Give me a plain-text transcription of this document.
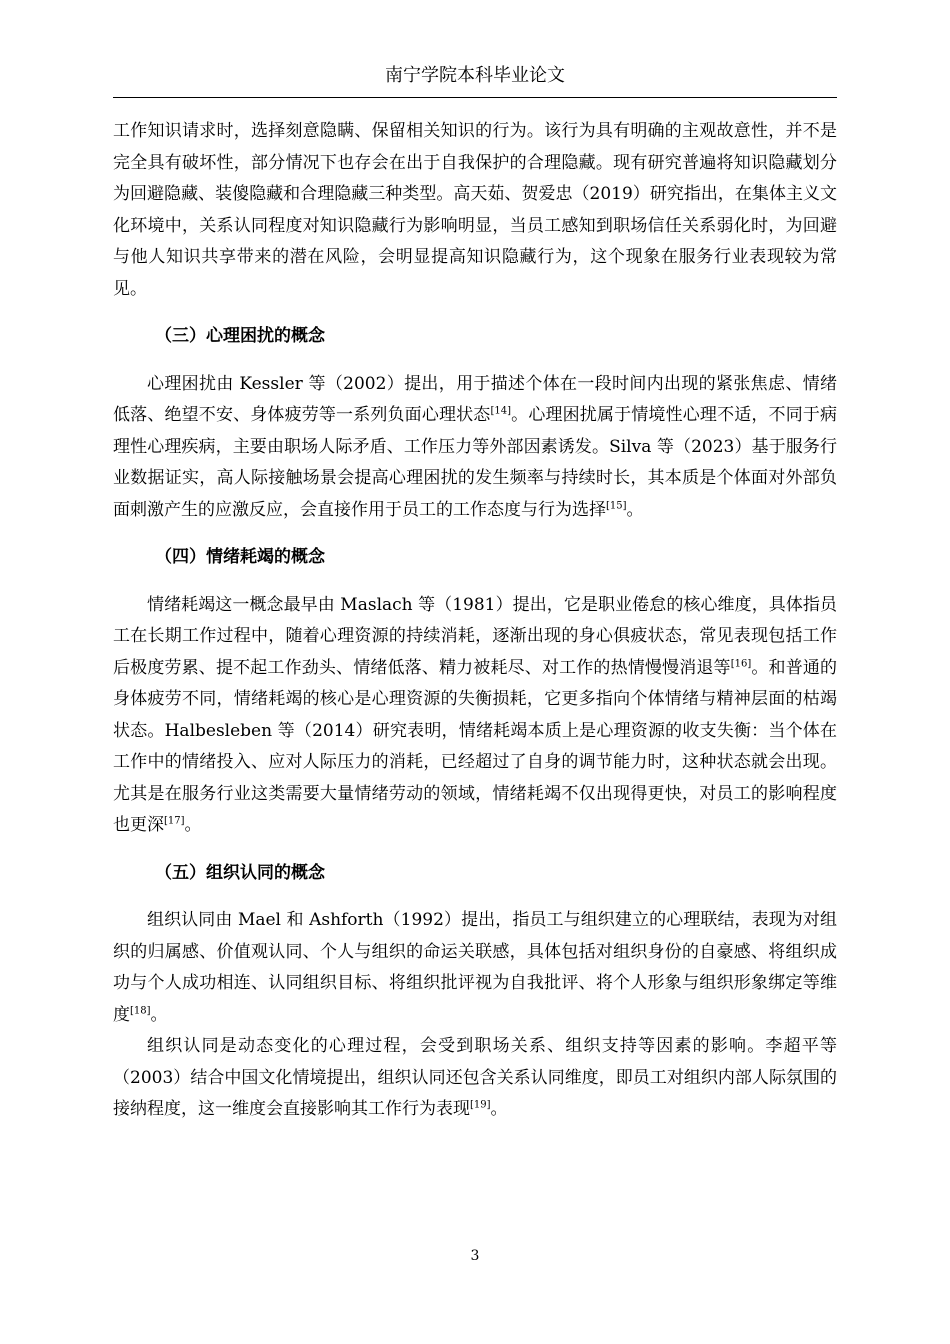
南宁学院本科毕业论文

工作知识请求时，选择刻意隐瞒、保留相关知识的行为。该行为具有明确的主观故意性，并不是完全具有破坏性，部分情况下也存会在出于自我保护的合理隐藏。现有研究普遍将知识隐藏划分为回避隐藏、装傻隐藏和合理隐藏三种类型。高天茹、贺爱忠（2019）研究指出，在集体主义文化环境中，关系认同程度对知识隐藏行为影响明显，当员工感知到职场信任关系弱化时，为回避与他人知识共享带来的潜在风险，会明显提高知识隐藏行为，这个现象在服务行业表现较为常见。

（三）心理困扰的概念

心理困扰由 Kessler 等（2002）提出，用于描述个体在一段时间内出现的紧张焦虑、情绪低落、绝望不安、身体疲劳等一系列负面心理状态[14]。心理困扰属于情境性心理不适，不同于病理性心理疾病，主要由职场人际矛盾、工作压力等外部因素诱发。Silva 等（2023）基于服务行业数据证实，高人际接触场景会提高心理困扰的发生频率与持续时长，其本质是个体面对外部负面刺激产生的应激反应，会直接作用于员工的工作态度与行为选择[15]。

（四）情绪耗竭的概念

情绪耗竭这一概念最早由 Maslach 等（1981）提出，它是职业倦怠的核心维度，具体指员工在长期工作过程中，随着心理资源的持续消耗，逐渐出现的身心俱疲状态，常见表现包括工作后极度劳累、提不起工作劲头、情绪低落、精力被耗尽、对工作的热情慢慢消退等[16]。和普通的身体疲劳不同，情绪耗竭的核心是心理资源的失衡损耗，它更多指向个体情绪与精神层面的枯竭状态。Halbesleben 等（2014）研究表明，情绪耗竭本质上是心理资源的收支失衡：当个体在工作中的情绪投入、应对人际压力的消耗，已经超过了自身的调节能力时，这种状态就会出现。尤其是在服务行业这类需要大量情绪劳动的领域，情绪耗竭不仅出现得更快，对员工的影响程度也更深[17]。

（五）组织认同的概念

组织认同由 Mael 和 Ashforth（1992）提出，指员工与组织建立的心理联结，表现为对组织的归属感、价值观认同、个人与组织的命运关联感，具体包括对组织身份的自豪感、将组织成功与个人成功相连、认同组织目标、将组织批评视为自我批评、将个人形象与组织形象绑定等维度[18]。

组织认同是动态变化的心理过程，会受到职场关系、组织支持等因素的影响。李超平等（2003）结合中国文化情境提出，组织认同还包含关系认同维度，即员工对组织内部人际氛围的接纳程度，这一维度会直接影响其工作行为表现[19]。

3
